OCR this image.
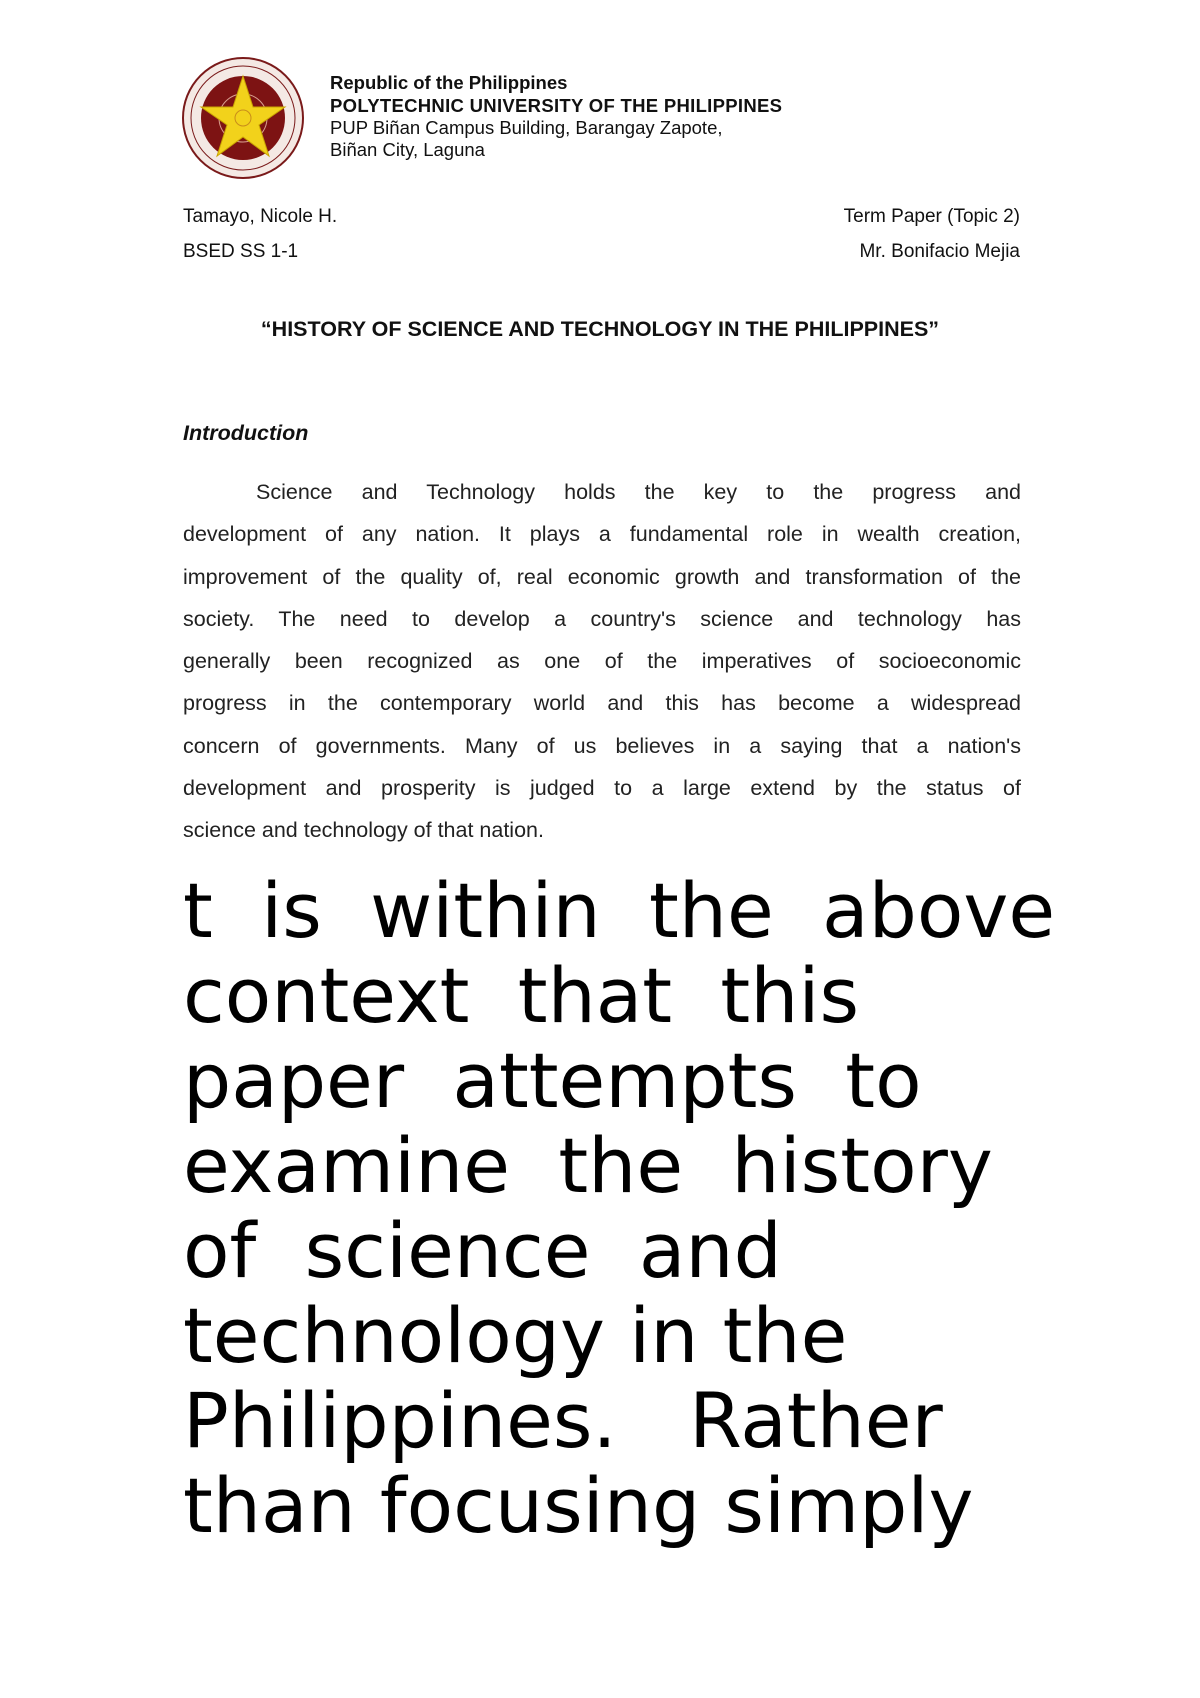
Republic of the Philippines
POLYTECHNIC UNIVERSITY OF THE PHILIPPINES
PUP Biñan Campus Building, Barangay Zapote,
Biñan City, Laguna
Tamayo, Nicole H.
BSED SS 1-1
Term Paper (Topic 2)
Mr. Bonifacio Mejia
“HISTORY OF SCIENCE AND TECHNOLOGY IN THE PHILIPPINES”
Introduction
Science and Technology holds the key to the progress and
development of any nation. It plays a fundamental role in wealth creation,
improvement of the quality of, real economic growth and transformation of the
society. The need to develop a country's science and technology has
generally been recognized as one of the imperatives of socioeconomic
progress in the contemporary world and this has become a widespread
concern of governments. Many of us believes in a saying that a nation's
development and prosperity is judged to a large extend by the status of
science and technology of that nation.
t  is  within  the  above
context  that  this
paper  attempts  to
examine  the  history
of  science  and
technology in the
Philippines.   Rather
than focusing simply
